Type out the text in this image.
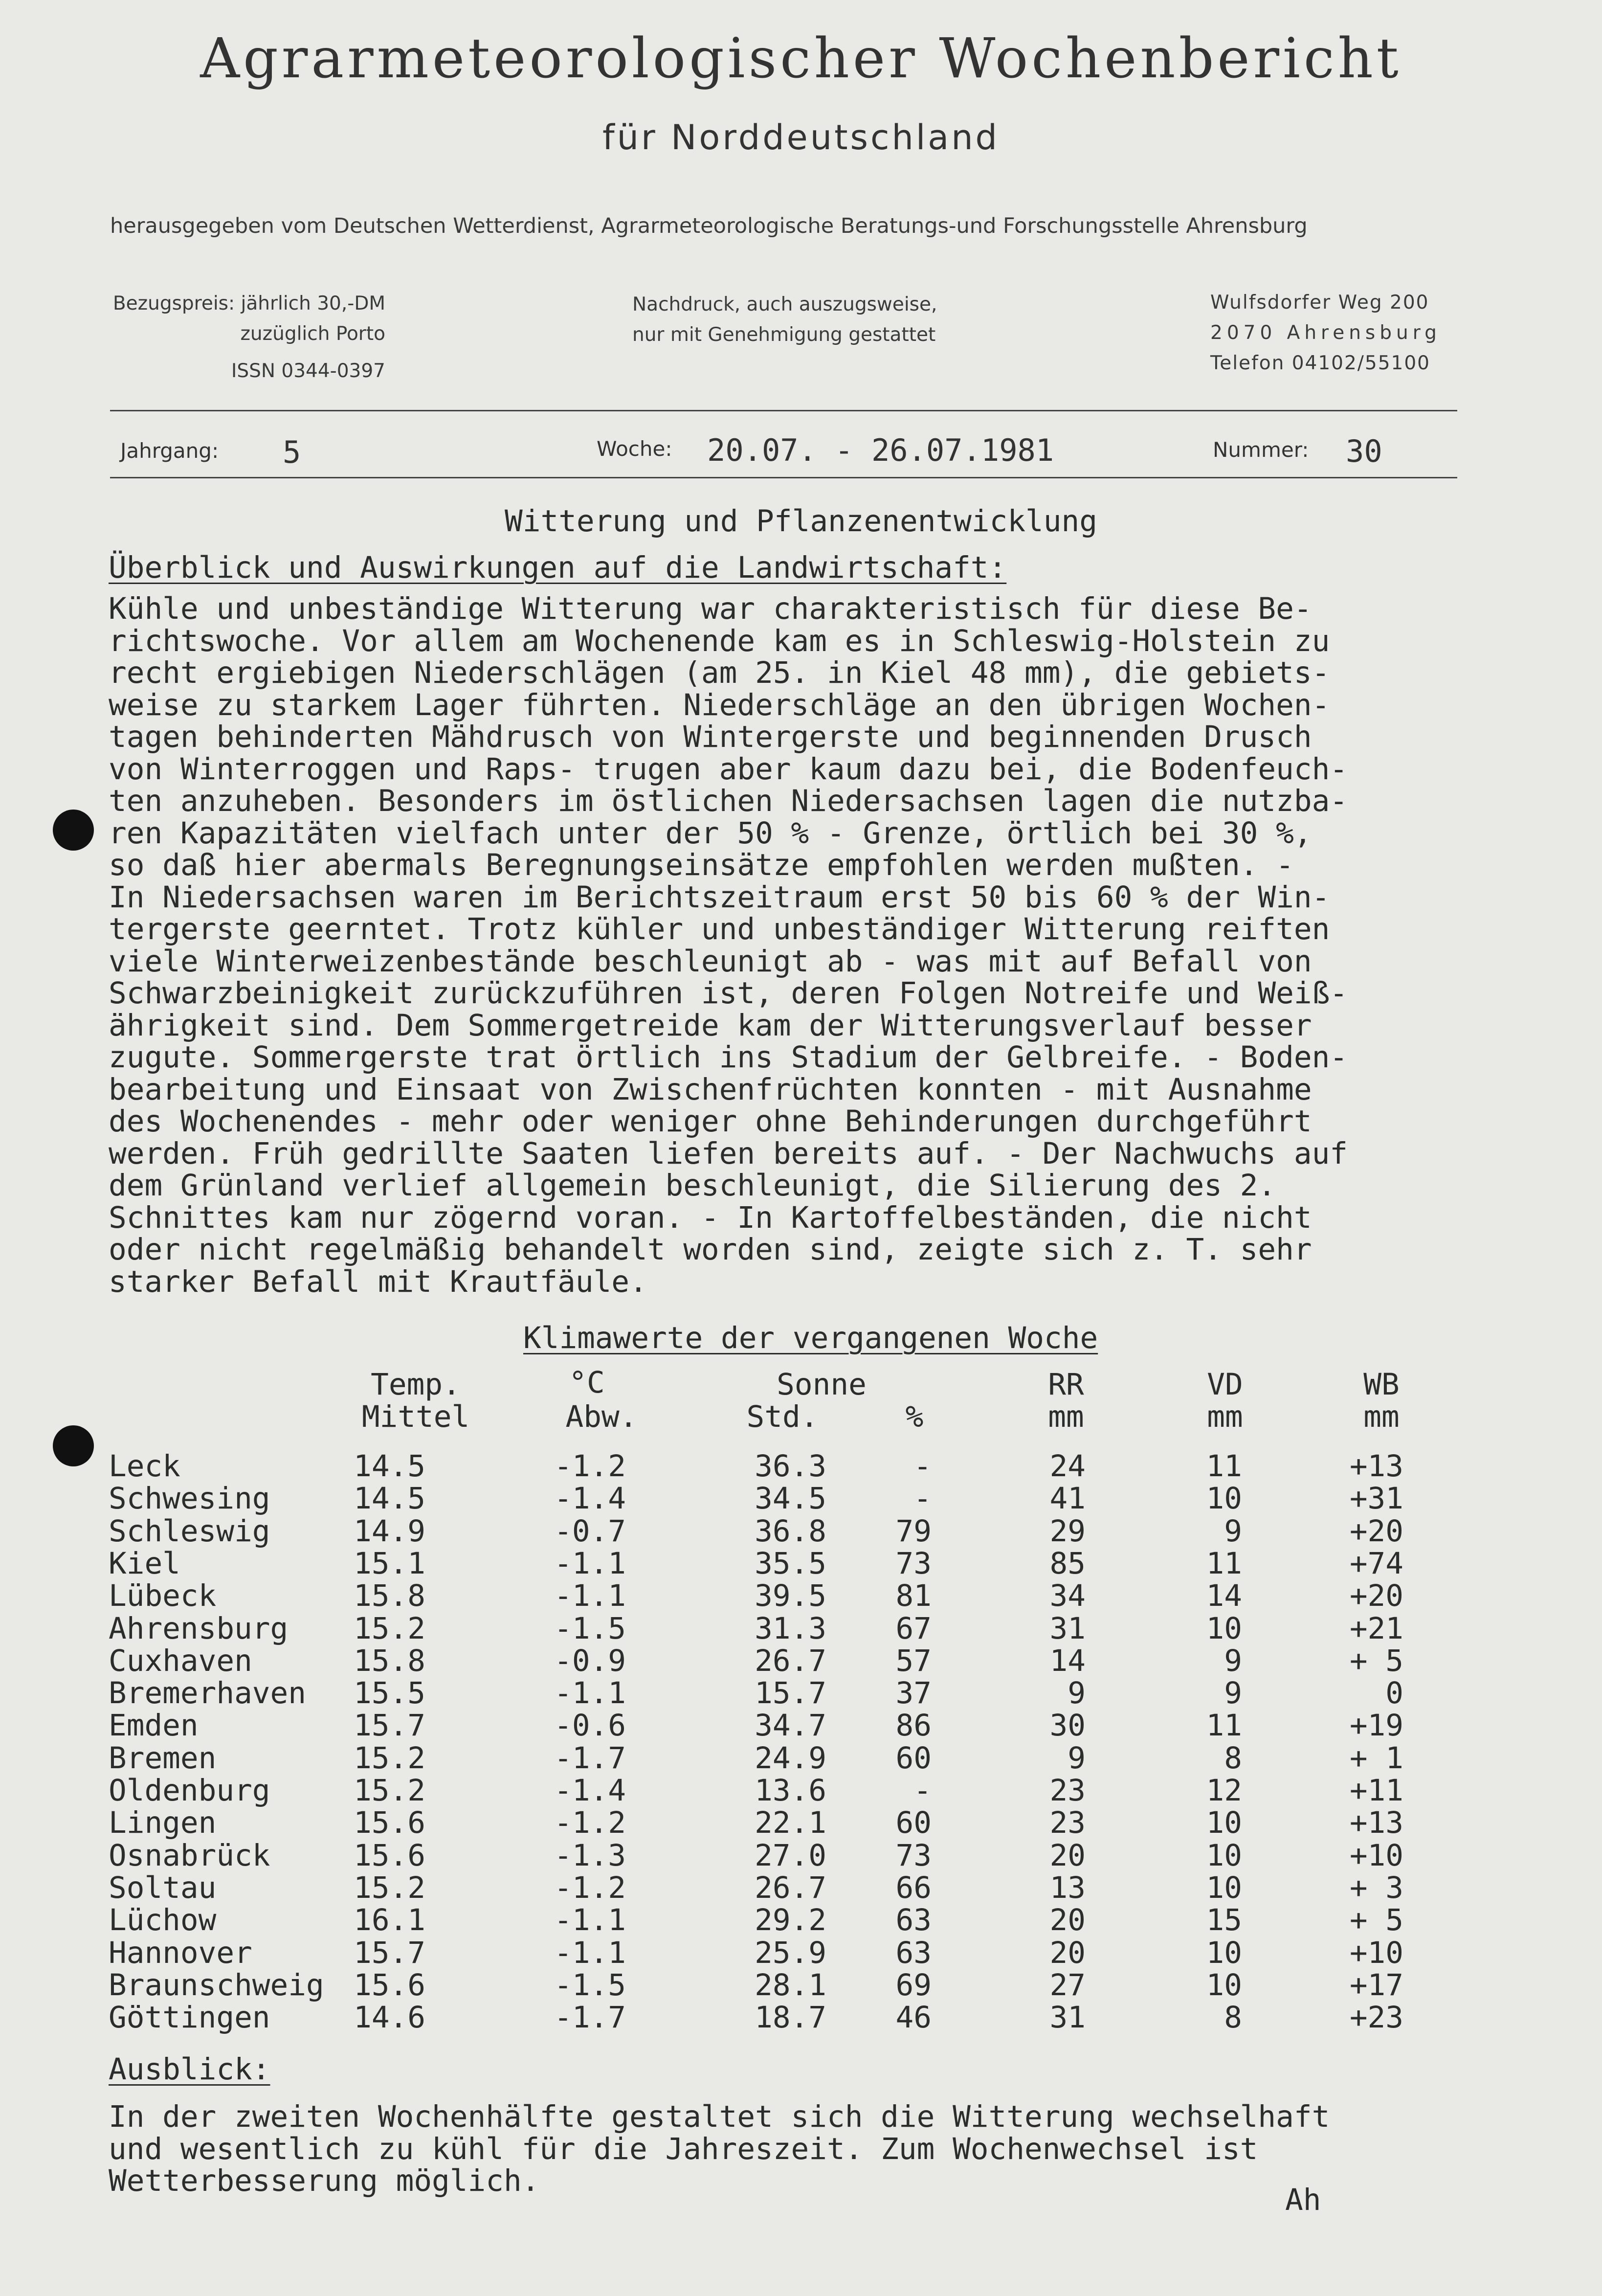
Agrarmeteorologischer Wochenbericht
für Norddeutschland
herausgegeben vom Deutschen Wetterdienst, Agrarmeteorologische Beratungs-und Forschungsstelle Ahrensburg
Bezugspreis: jährlich 30,-DM
zuzüglich Porto
ISSN 0344-0397
Nachdruck, auch auszugsweise,
nur mit Genehmigung gestattet
Wulfsdorfer Weg 200
2070 Ahrensburg
Telefon 04102/55100
Jahrgang: 5	Woche: 20.07. - 26.07.1981	Nummer: 30
Witterung und Pflanzenentwicklung
Überblick und Auswirkungen auf die Landwirtschaft:
Kühle und unbeständige Witterung war charakteristisch für diese Be-
richtswoche. Vor allem am Wochenende kam es in Schleswig-Holstein zu
recht ergiebigen Niederschlägen (am 25. in Kiel 48 mm), die gebiets-
weise zu starkem Lager führten. Niederschläge an den übrigen Wochen-
tagen behinderten Mähdrusch von Wintergerste und beginnenden Drusch
von Winterroggen und Raps- trugen aber kaum dazu bei, die Bodenfeuch-
ten anzuheben. Besonders im östlichen Niedersachsen lagen die nutzba-
ren Kapazitäten vielfach unter der 50 % - Grenze, örtlich bei 30 %,
so daß hier abermals Beregnungseinsätze empfohlen werden mußten. -
In Niedersachsen waren im Berichtszeitraum erst 50 bis 60 % der Win-
tergerste geerntet. Trotz kühler und unbeständiger Witterung reiften
viele Winterweizenbestände beschleunigt ab - was mit auf Befall von
Schwarzbeinigkeit zurückzuführen ist, deren Folgen Notreife und Weiß-
ährigkeit sind. Dem Sommergetreide kam der Witterungsverlauf besser
zugute. Sommergerste trat örtlich ins Stadium der Gelbreife. - Boden-
bearbeitung und Einsaat von Zwischenfrüchten konnten - mit Ausnahme
des Wochenendes - mehr oder weniger ohne Behinderungen durchgeführt
werden. Früh gedrillte Saaten liefen bereits auf. - Der Nachwuchs auf
dem Grünland verlief allgemein beschleunigt, die Silierung des 2.
Schnittes kam nur zögernd voran. - In Kartoffelbeständen, die nicht
oder nicht regelmäßig behandelt worden sind, zeigte sich z. T. sehr
starker Befall mit Krautfäule.
Klimawerte der vergangenen Woche
Temp.	°C	Sonne	RR	VD	WB
Mittel	Abw.	Std.	%	mm	mm	mm
Leck	14.5	-1.2	36.3	-	24	11	+13
Schwesing	14.5	-1.4	34.5	-	41	10	+31
Schleswig	14.9	-0.7	36.8	79	29	9	+20
Kiel	15.1	-1.1	35.5	73	85	11	+74
Lübeck	15.8	-1.1	39.5	81	34	14	+20
Ahrensburg	15.2	-1.5	31.3	67	31	10	+21
Cuxhaven	15.8	-0.9	26.7	57	14	9	+ 5
Bremerhaven	15.5	-1.1	15.7	37	9	9	0
Emden	15.7	-0.6	34.7	86	30	11	+19
Bremen	15.2	-1.7	24.9	60	9	8	+ 1
Oldenburg	15.2	-1.4	13.6	-	23	12	+11
Lingen	15.6	-1.2	22.1	60	23	10	+13
Osnabrück	15.6	-1.3	27.0	73	20	10	+10
Soltau	15.2	-1.2	26.7	66	13	10	+ 3
Lüchow	16.1	-1.1	29.2	63	20	15	+ 5
Hannover	15.7	-1.1	25.9	63	20	10	+10
Braunschweig 15.6	-1.5	28.1	69	27	10	+17
Göttingen	14.6	-1.7	18.7	46	31	8	+23
Ausblick:
In der zweiten Wochenhälfte gestaltet sich die Witterung wechselhaft
und wesentlich zu kühl für die Jahreszeit. Zum Wochenwechsel ist
Wetterbesserung möglich.
Ah
